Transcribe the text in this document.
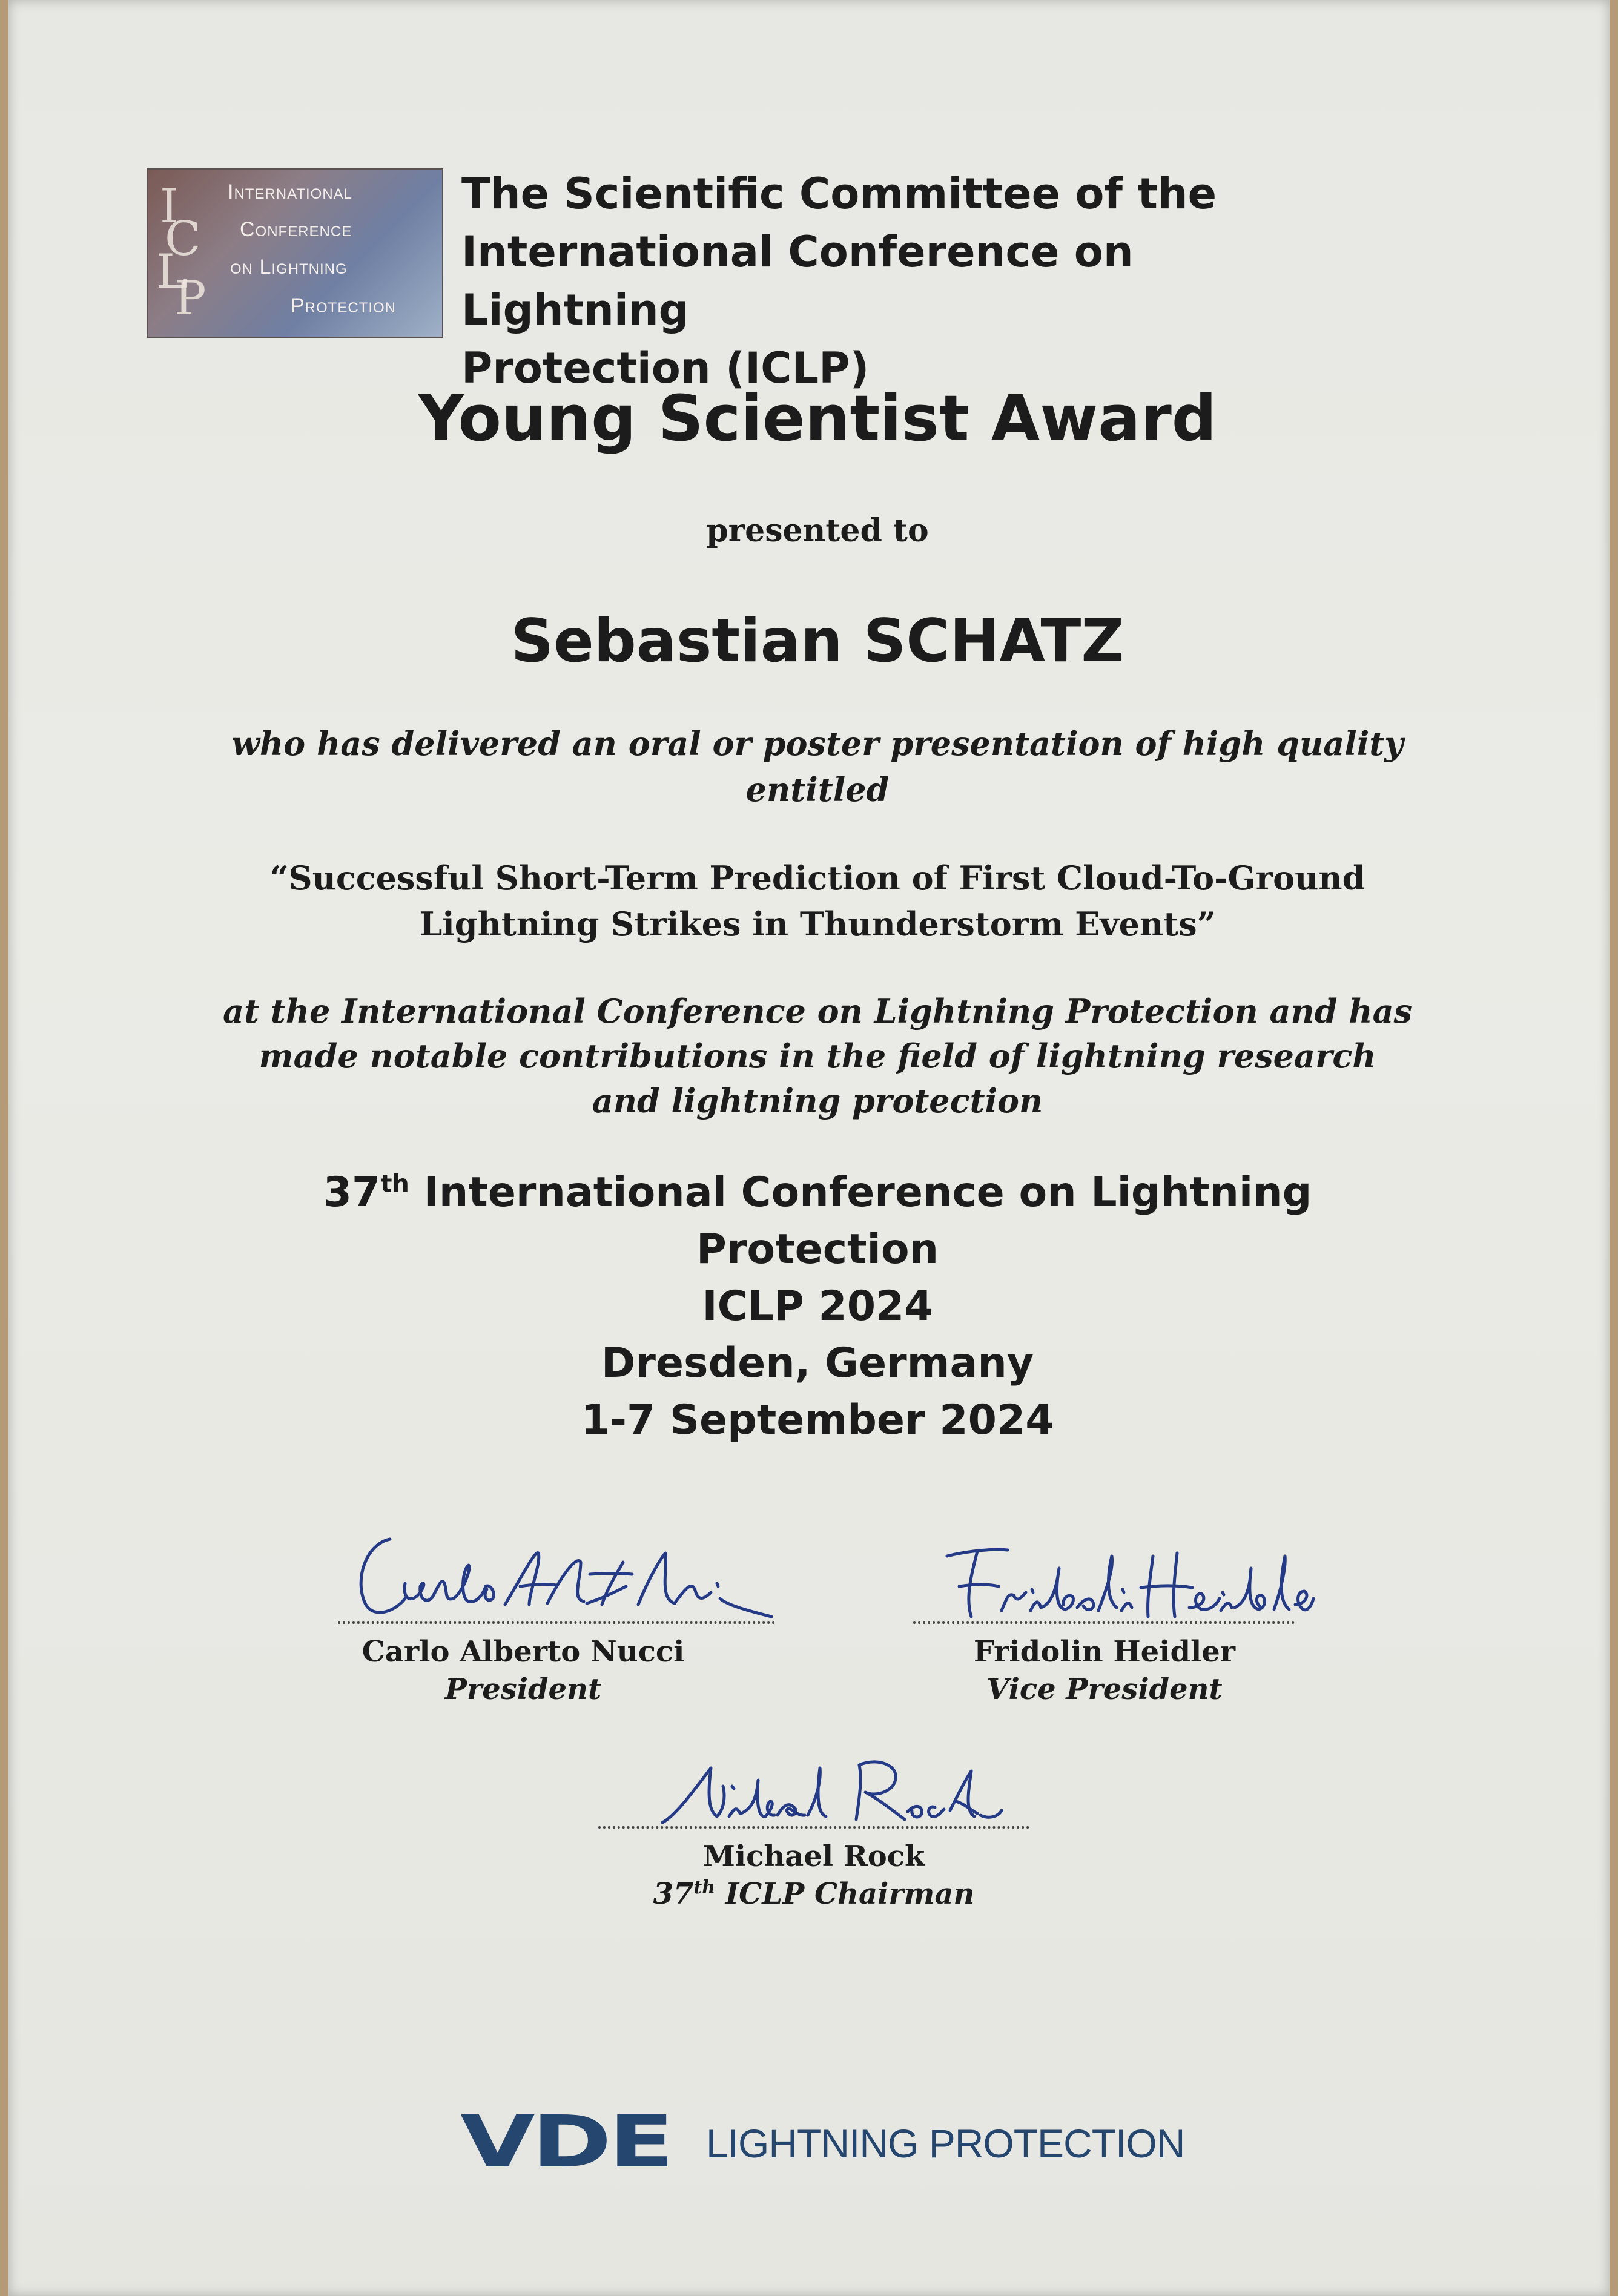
I
C
L
P
International
Conference
on Lightning
Protection
The Scientific Committee of the
International Conference on Lightning
Protection (ICLP)
Young Scientist Award
presented to
Sebastian SCHATZ
who has delivered an oral or poster presentation of high quality
entitled
“Successful Short-Term Prediction of First Cloud-To-Ground
Lightning Strikes in Thunderstorm Events”
at the International Conference on Lightning Protection and has
made notable contributions in the field of lightning research
and lightning protection
37th International Conference on Lightning
Protection
ICLP 2024
Dresden, Germany
1-7 September 2024
Carlo Alberto Nucci
President
Fridolin Heidler
Vice President
Michael Rock
37th ICLP Chairman
VDE LIGHTNING PROTECTION
